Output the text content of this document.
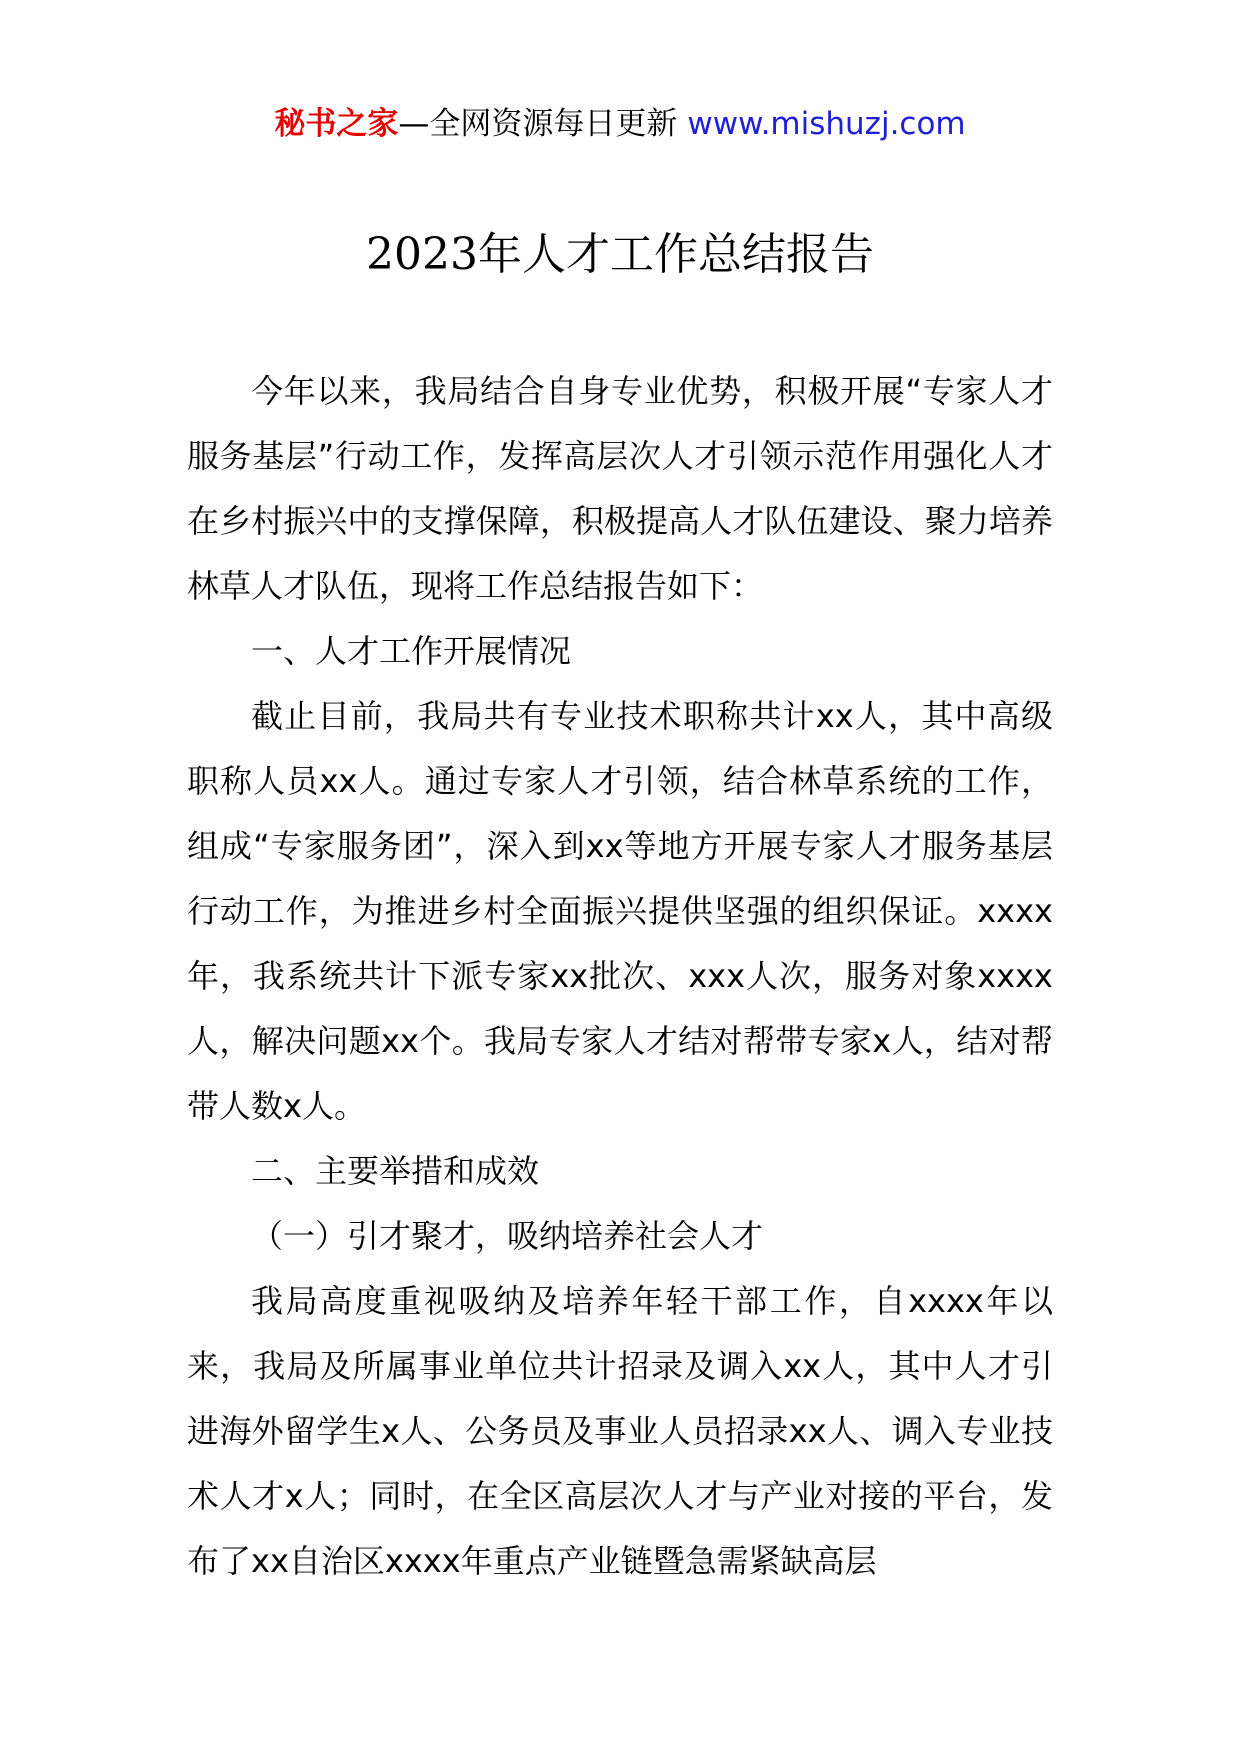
秘书之家—全网资源每日更新 www.mishuzj.com
2023年人才工作总结报告

今年以来，我局结合自身专业优势，积极开展“专家人才服务基层”行动工作，发挥高层次人才引领示范作用强化人才在乡村振兴中的支撑保障，积极提高人才队伍建设、聚力培养林草人才队伍，现将工作总结报告如下：

一、人才工作开展情况

截止目前，我局共有专业技术职称共计xx人，其中高级职称人员xx人。通过专家人才引领，结合林草系统的工作，组成“专家服务团”，深入到xx等地方开展专家人才服务基层行动工作，为推进乡村全面振兴提供坚强的组织保证。xxxx年，我系统共计下派专家xx批次、xxx人次，服务对象xxxx人，解决问题xx个。我局专家人才结对帮带专家x人，结对帮带人数x人。

二、主要举措和成效

（一）引才聚才，吸纳培养社会人才

我局高度重视吸纳及培养年轻干部工作，自xxxx年以来，我局及所属事业单位共计招录及调入xx人，其中人才引进海外留学生x人、公务员及事业人员招录xx人、调入专业技术人才x人；同时，在全区高层次人才与产业对接的平台，发布了xx自治区xxxx年重点产业链暨急需紧缺高层
